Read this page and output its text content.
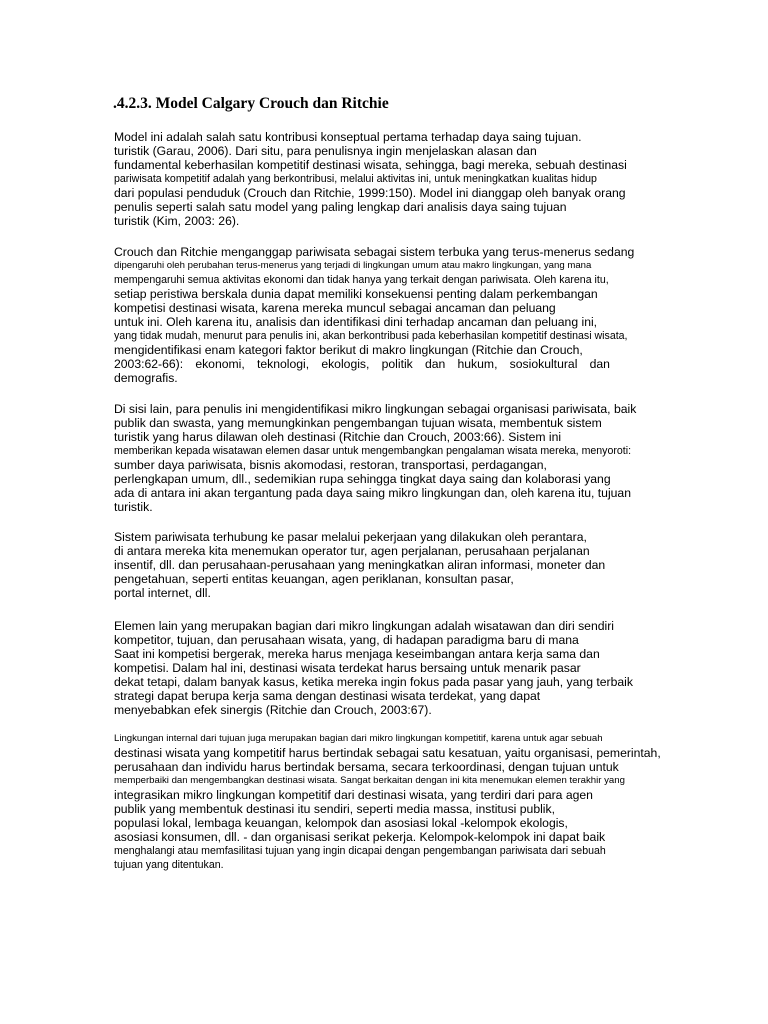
.4.2.3. Model Calgary Crouch dan Ritchie
Model ini adalah salah satu kontribusi konseptual pertama terhadap daya saing tujuan.
turistik (Garau, 2006). Dari situ, para penulisnya ingin menjelaskan alasan dan
fundamental keberhasilan kompetitif destinasi wisata, sehingga, bagi mereka, sebuah destinasi
pariwisata kompetitif adalah yang berkontribusi, melalui aktivitas ini, untuk meningkatkan kualitas hidup
dari populasi penduduk (Crouch dan Ritchie, 1999:150). Model ini dianggap oleh banyak orang
penulis seperti salah satu model yang paling lengkap dari analisis daya saing tujuan
turistik (Kim, 2003: 26).
Crouch dan Ritchie menganggap pariwisata sebagai sistem terbuka yang terus-menerus sedang
dipengaruhi oleh perubahan terus-menerus yang terjadi di lingkungan umum atau makro lingkungan, yang mana
mempengaruhi semua aktivitas ekonomi dan tidak hanya yang terkait dengan pariwisata. Oleh karena itu,
setiap peristiwa berskala dunia dapat memiliki konsekuensi penting dalam perkembangan
kompetisi destinasi wisata, karena mereka muncul sebagai ancaman dan peluang
untuk ini. Oleh karena itu, analisis dan identifikasi dini terhadap ancaman dan peluang ini,
yang tidak mudah, menurut para penulis ini, akan berkontribusi pada keberhasilan kompetitif destinasi wisata,
mengidentifikasi enam kategori faktor berikut di makro lingkungan (Ritchie dan Crouch,
2003:62-66): ekonomi, teknologi, ekologis, politik dan hukum, sosiokultural dan
demografis.
Di sisi lain, para penulis ini mengidentifikasi mikro lingkungan sebagai organisasi pariwisata, baik
publik dan swasta, yang memungkinkan pengembangan tujuan wisata, membentuk sistem
turistik yang harus dilawan oleh destinasi (Ritchie dan Crouch, 2003:66). Sistem ini
memberikan kepada wisatawan elemen dasar untuk mengembangkan pengalaman wisata mereka, menyoroti:
sumber daya pariwisata, bisnis akomodasi, restoran, transportasi, perdagangan,
perlengkapan umum, dll., sedemikian rupa sehingga tingkat daya saing dan kolaborasi yang
ada di antara ini akan tergantung pada daya saing mikro lingkungan dan, oleh karena itu, tujuan
turistik.
Sistem pariwisata terhubung ke pasar melalui pekerjaan yang dilakukan oleh perantara,
di antara mereka kita menemukan operator tur, agen perjalanan, perusahaan perjalanan
insentif, dll. dan perusahaan-perusahaan yang meningkatkan aliran informasi, moneter dan
pengetahuan, seperti entitas keuangan, agen periklanan, konsultan pasar,
portal internet, dll.
Elemen lain yang merupakan bagian dari mikro lingkungan adalah wisatawan dan diri sendiri
kompetitor, tujuan, dan perusahaan wisata, yang, di hadapan paradigma baru di mana
Saat ini kompetisi bergerak, mereka harus menjaga keseimbangan antara kerja sama dan
kompetisi. Dalam hal ini, destinasi wisata terdekat harus bersaing untuk menarik pasar
dekat tetapi, dalam banyak kasus, ketika mereka ingin fokus pada pasar yang jauh, yang terbaik
strategi dapat berupa kerja sama dengan destinasi wisata terdekat, yang dapat
menyebabkan efek sinergis (Ritchie dan Crouch, 2003:67).
Lingkungan internal dari tujuan juga merupakan bagian dari mikro lingkungan kompetitif, karena untuk agar sebuah
destinasi wisata yang kompetitif harus bertindak sebagai satu kesatuan, yaitu organisasi, pemerintah,
perusahaan dan individu harus bertindak bersama, secara terkoordinasi, dengan tujuan untuk
memperbaiki dan mengembangkan destinasi wisata. Sangat berkaitan dengan ini kita menemukan elemen terakhir yang
integrasikan mikro lingkungan kompetitif dari destinasi wisata, yang terdiri dari para agen
publik yang membentuk destinasi itu sendiri, seperti media massa, institusi publik,
populasi lokal, lembaga keuangan, kelompok dan asosiasi lokal -kelompok ekologis,
asosiasi konsumen, dll. - dan organisasi serikat pekerja. Kelompok-kelompok ini dapat baik
menghalangi atau memfasilitasi tujuan yang ingin dicapai dengan pengembangan pariwisata dari sebuah
tujuan yang ditentukan.
